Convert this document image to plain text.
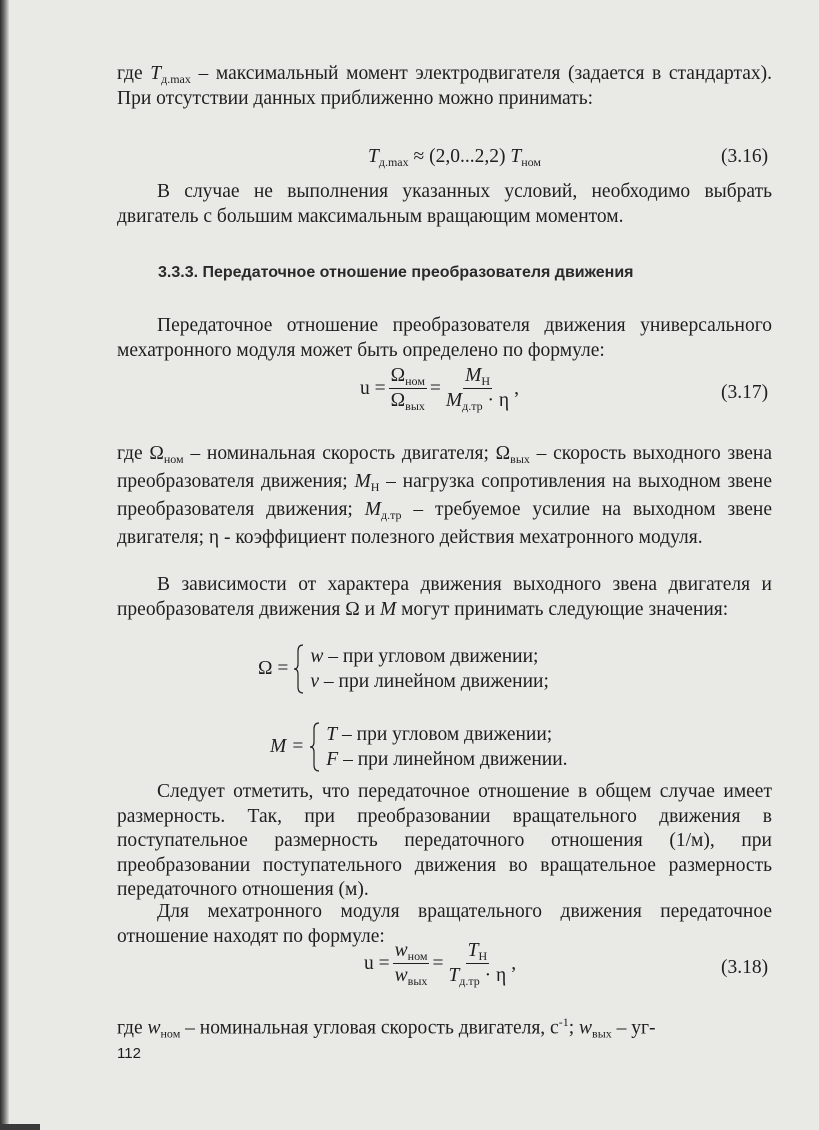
где $T_{д.max}$ – максимальный момент электродвигателя (задается в стандартах). При отсутствии данных приближенно можно принимать:
$T_{д.max} \approx (2,0...2,2)$ $T_{ном}$	(3.16)
В случае не выполнения указанных условий, необходимо выбрать двигатель с большим максимальным вращающим моментом.
3.3.3. Передаточное отношение преобразователя движения
Передаточное отношение преобразователя движения универсального мехатронного модуля может быть определено по формуле:
$u = \frac{\Omega_{ном}}{\Omega_{вых}} = \frac{M_Н}{M_{д.тр} \cdot \eta}$ ,	(3.17)
где $\Omega_{ном}$ – номинальная скорость двигателя; $\Omega_{вых}$ – скорость выходного звена преобразователя движения; $M_Н$ – нагрузка сопротивления на выходном звене преобразователя движения; $M_{д.тр}$ – требуемое усилие на выходном звене двигателя; η - коэффициент полезного действия мехатронного модуля.
В зависимости от характера движения выходного звена двигателя и преобразователя движения Ω и M могут принимать следующие значения:
Ω =
w – при угловом движении;
v – при линейном движении;
M =
T – при угловом движении;
F – при линейном движении.
Следует отметить, что передаточное отношение в общем случае имеет размерность. Так, при преобразовании вращательного движения в поступательное размерность передаточного отношения (1/м), при преобразовании поступательного движения во вращательное размерность передаточного отношения (м).
Для мехатронного модуля вращательного движения передаточное отношение находят по формуле:
$u = \frac{w_{ном}}{w_{вых}} = \frac{T_Н}{T_{д.тр} \cdot \eta}$ ,	(3.18)
где $w_{ном}$ – номинальная угловая скорость двигателя, $с^{-1}$; $w_{вых} - уг-$
112
